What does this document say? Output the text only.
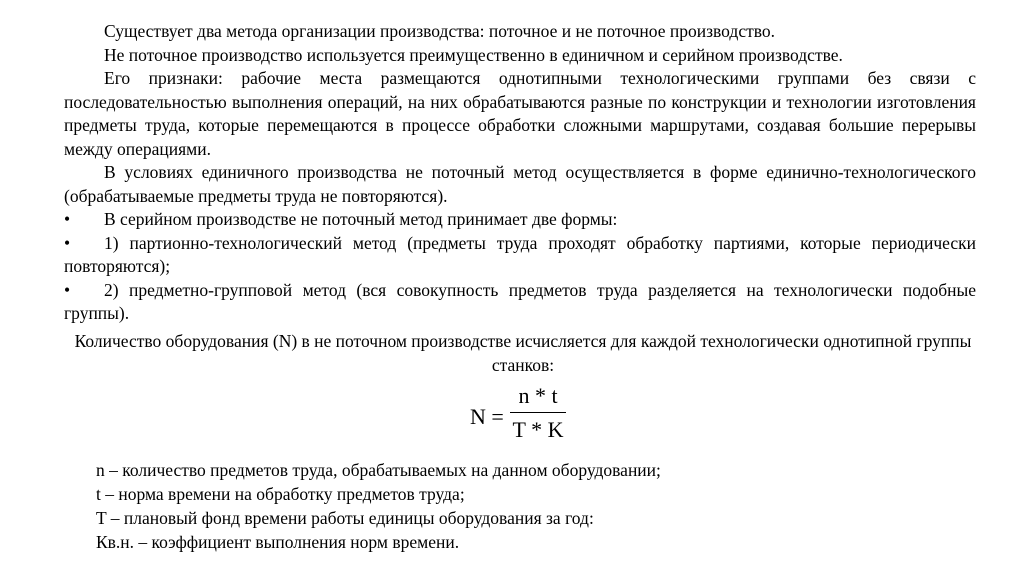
Существует два метода организации производства: поточное и не поточное производство.

Не поточное производство используется преимущественно в единичном и серийном производстве.

Его признаки: рабочие места размещаются однотипными технологическими группами без связи с последовательностью выполнения операций, на них обрабатываются разные по конструкции и технологии изготовления предметы труда, которые перемещаются в процессе обработки сложными маршрутами, создавая большие перерывы между операциями.

В условиях единичного производства не поточный метод осуществляется в форме единично-технологического (обрабатываемые предметы труда не повторяются).

•	В серийном производстве не поточный метод принимает две формы:
•	1) партионно-технологический метод (предметы труда проходят обработку партиями, которые периодически повторяются);
•	2) предметно-групповой метод (вся совокупность предметов труда разделяется на технологически подобные группы).

Количество оборудования (N) в не поточном производстве исчисляется для каждой технологически однотипной группы станков:

N =
n * t
T * K

n – количество предметов труда, обрабатываемых на данном оборудовании;

t – норма времени на обработку предметов труда;

T – плановый фонд времени работы единицы оборудования за год:

Кв.н. – коэффициент выполнения норм времени.
